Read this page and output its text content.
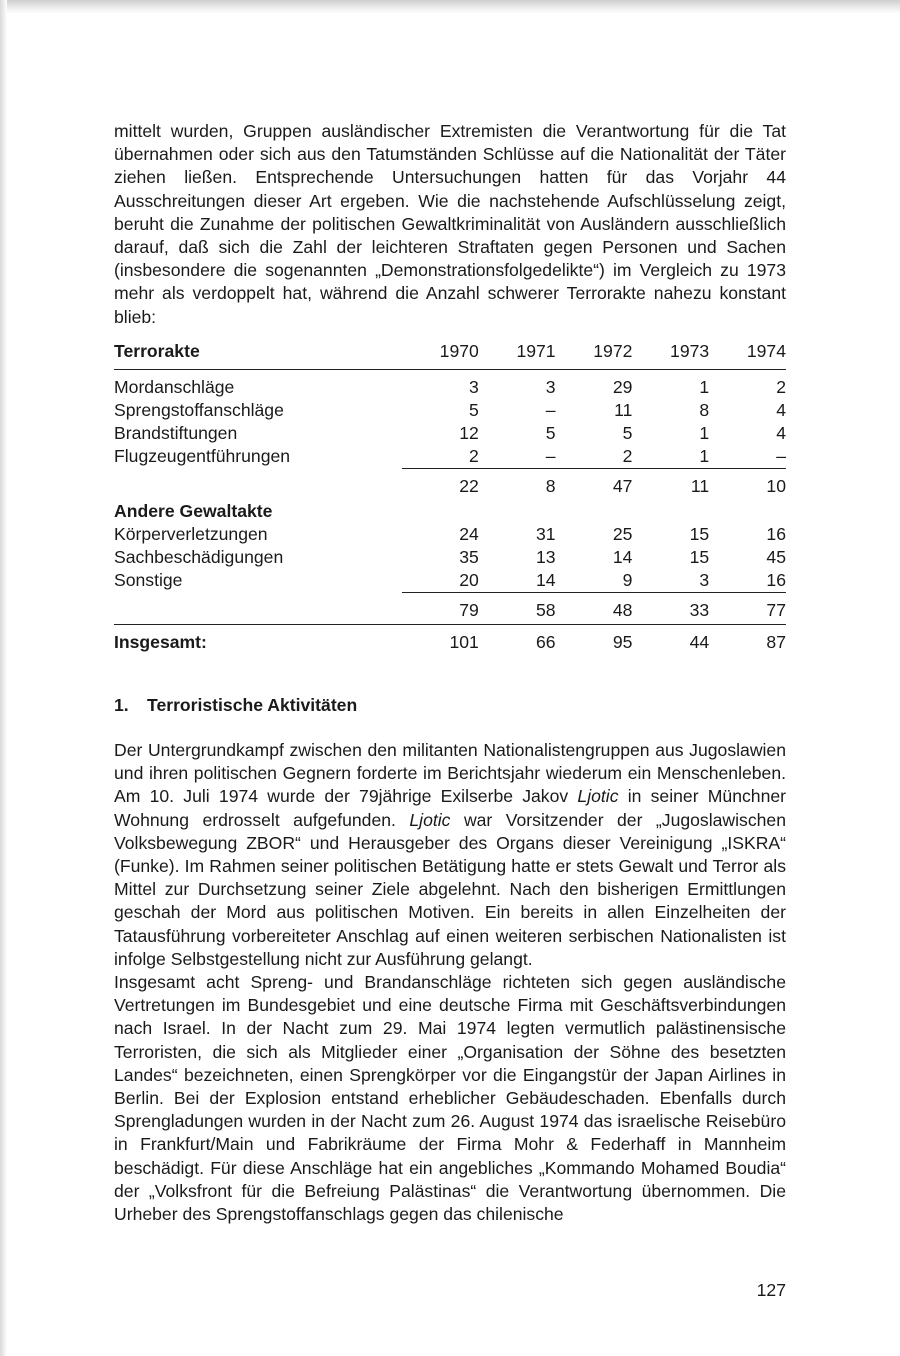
mittelt wurden, Gruppen ausländischer Extremisten die Verantwortung für die Tat übernahmen oder sich aus den Tatumständen Schlüsse auf die Nationalität der Täter ziehen ließen. Entsprechende Untersuchungen hatten für das Vorjahr 44 Ausschreitungen dieser Art ergeben. Wie die nachstehende Aufschlüsselung zeigt, beruht die Zunahme der politischen Gewaltkriminalität von Ausländern ausschließlich darauf, daß sich die Zahl der leichteren Straftaten gegen Personen und Sachen (insbesondere die sogenannten „Demonstrationsfolgedelikte“) im Vergleich zu 1973 mehr als verdoppelt hat, während die Anzahl schwerer Terrorakte nahezu konstant blieb:

Terrorakte	1970	1971	1972	1973	1974
Mordanschläge	3	3	29	1	2
Sprengstoffanschläge	5	–	11	8	4
Brandstiftungen	12	5	5	1	4
Flugzeugentführungen	2	–	2	1	–
	22	8	47	11	10
Andere Gewaltakte					
Körperverletzungen	24	31	25	15	16
Sachbeschädigungen	35	13	14	15	45
Sonstige	20	14	9	3	16
	79	58	48	33	77
Insgesamt:	101	66	95	44	87
1. Terroristische Aktivitäten

Der Untergrundkampf zwischen den militanten Nationalistengruppen aus Jugoslawien und ihren politischen Gegnern forderte im Berichtsjahr wiederum ein Menschenleben. Am 10. Juli 1974 wurde der 79jährige Exilserbe Jakov Ljotic in seiner Münchner Wohnung erdrosselt aufgefunden. Ljotic war Vorsitzender der „Jugoslawischen Volksbewegung ZBOR“ und Herausgeber des Organs dieser Vereinigung „ISKRA“ (Funke). Im Rahmen seiner politischen Betätigung hatte er stets Gewalt und Terror als Mittel zur Durchsetzung seiner Ziele abgelehnt. Nach den bisherigen Ermittlungen geschah der Mord aus politischen Motiven. Ein bereits in allen Einzelheiten der Tatausführung vorbereiteter Anschlag auf einen weiteren serbischen Nationalisten ist infolge Selbstgestellung nicht zur Ausführung gelangt.

Insgesamt acht Spreng- und Brandanschläge richteten sich gegen ausländische Vertretungen im Bundesgebiet und eine deutsche Firma mit Geschäftsverbindungen nach Israel. In der Nacht zum 29. Mai 1974 legten vermutlich palästinensische Terroristen, die sich als Mitglieder einer „Organisation der Söhne des besetzten Landes“ bezeichneten, einen Sprengkörper vor die Eingangstür der Japan Airlines in Berlin. Bei der Explosion entstand erheblicher Gebäudeschaden. Ebenfalls durch Sprengladungen wurden in der Nacht zum 26. August 1974 das israelische Reisebüro in Frankfurt/Main und Fabrikräume der Firma Mohr & Federhaff in Mannheim beschädigt. Für diese Anschläge hat ein angebliches „Kommando Mohamed Boudia“ der „Volksfront für die Befreiung Palästinas“ die Verantwortung übernommen. Die Urheber des Sprengstoffanschlags gegen das chilenische

127
